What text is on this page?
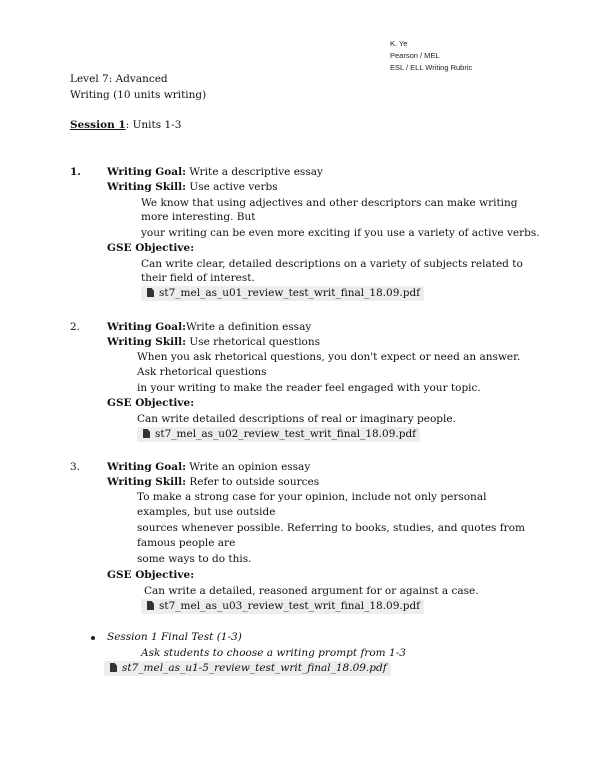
K. Ye
Pearson / MEL
ESL / ELL Writing Rubric
Level 7: Advanced
Writing (10 units writing)
Session 1: Units 1-3
1. Writing Goal: Write a descriptive essay
Writing Skill: Use active verbs
We know that using adjectives and other descriptors can make writing
more interesting. But
your writing can be even more exciting if you use a variety of active verbs.
GSE Objective:
Can write clear, detailed descriptions on a variety of subjects related to
their field of interest.
st7_mel_as_u01_review_test_writ_final_18.09.pdf
2.	Writing Goal:Write a definition essay
Writing Skill: Use rhetorical questions
When you ask rhetorical questions, you don't expect or need an answer.
Ask rhetorical questions
in your writing to make the reader feel engaged with your topic.
GSE Objective:
Can write detailed descriptions of real or imaginary people.
st7_mel_as_u02_review_test_writ_final_18.09.pdf
3.	Writing Goal: Write an opinion essay
Writing Skill: Refer to outside sources
To make a strong case for your opinion, include not only personal
examples, but use outside
sources whenever possible. Referring to books, studies, and quotes from
famous people are
some ways to do this.
GSE Objective:
Can write a detailed, reasoned argument for or against a case.
st7_mel_as_u03_review_test_writ_final_18.09.pdf
Session 1 Final Test (1-3)
Ask students to choose a writing prompt from 1-3
st7_mel_as_u1-5_review_test_writ_final_18.09.pdf
